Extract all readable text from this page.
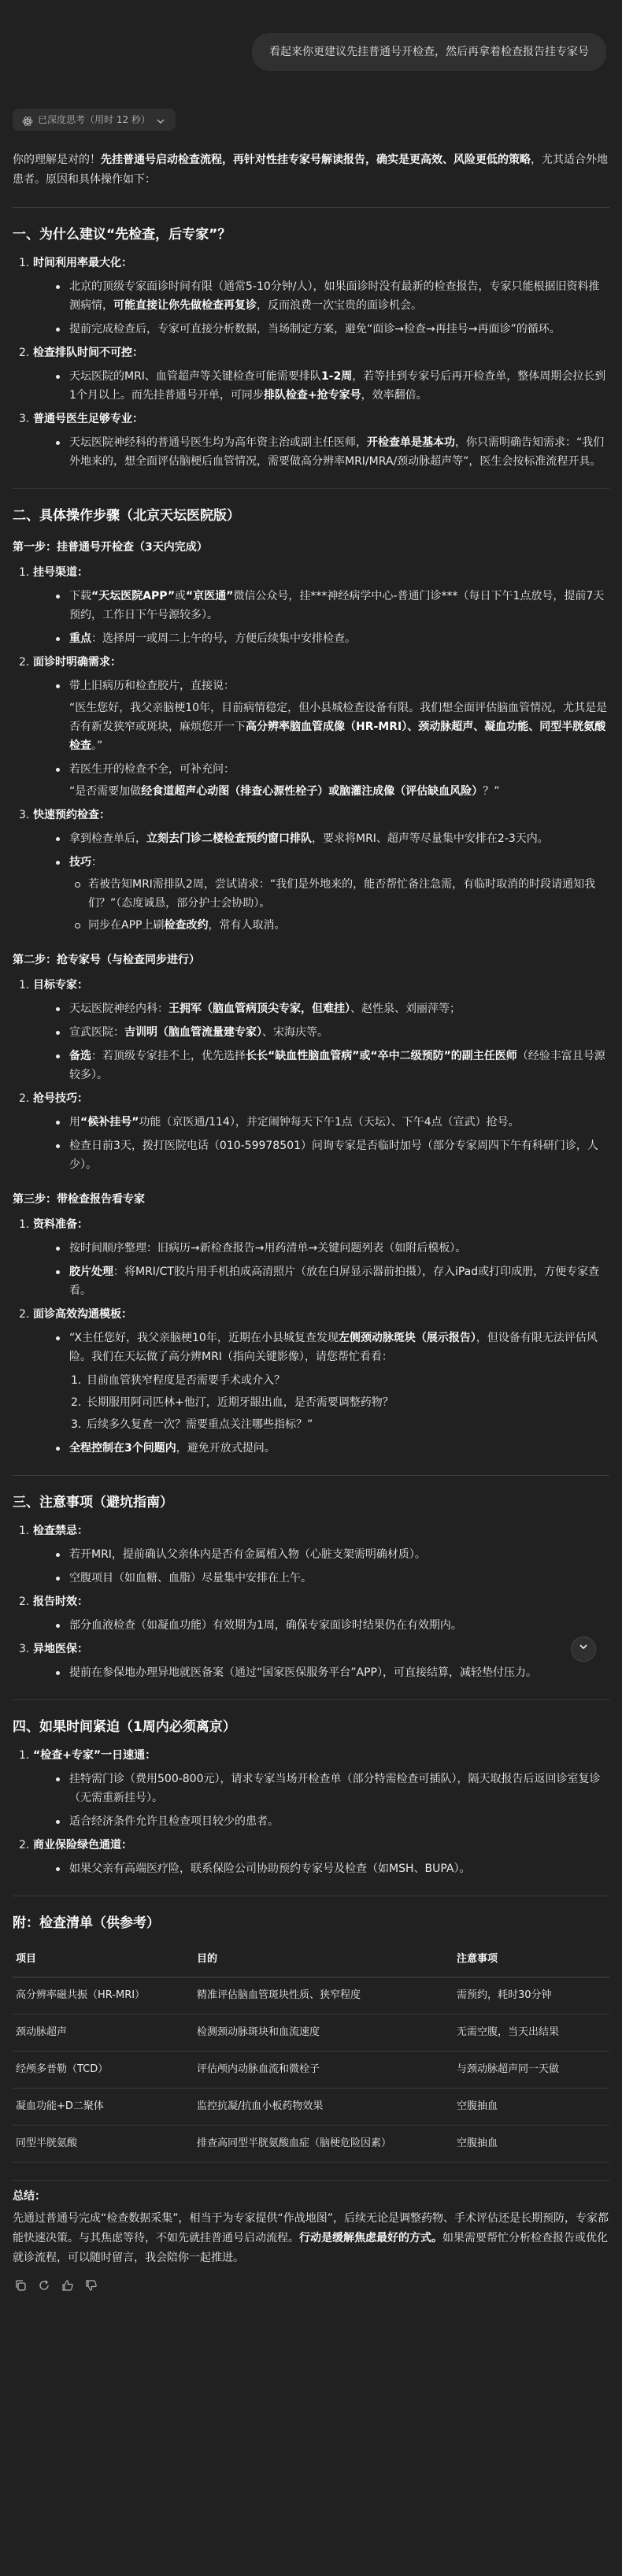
看起来你更建议先挂普通号开检查，然后再拿着检查报告挂专家号
已深度思考（用时 12 秒）

你的理解是对的！先挂普通号启动检查流程，再针对性挂专家号解读报告，确实是更高效、风险更低的策略，尤其适合外地患者。原因和具体操作如下：

一、为什么建议“先检查，后专家”？
1. 时间利用率最大化：
北京的顶级专家面诊时间有限（通常5-10分钟/人），如果面诊时没有最新的检查报告，专家只能根据旧资料推测病情，可能直接让你先做检查再复诊，反而浪费一次宝贵的面诊机会。
提前完成检查后，专家可直接分析数据，当场制定方案，避免“面诊→检查→再挂号→再面诊”的循环。
2. 检查排队时间不可控：
天坛医院的MRI、血管超声等关键检查可能需要排队1-2周，若等挂到专家号后再开检查单，整体周期会拉长到1个月以上。而先挂普通号开单，可同步排队检查+抢专家号，效率翻倍。
3. 普通号医生足够专业：
天坛医院神经科的普通号医生均为高年资主治或副主任医师，开检查单是基本功，你只需明确告知需求：“我们外地来的，想全面评估脑梗后血管情况，需要做高分辨率MRI/MRA/颈动脉超声等”，医生会按标准流程开具。
二、具体操作步骤（北京天坛医院版）
第一步：挂普通号开检查（3天内完成）
1. 挂号渠道：
下载“天坛医院APP”或“京医通”微信公众号，挂***神经病学中心-普通门诊***（每日下午1点放号，提前7天预约，工作日下午号源较多）。
重点：选择周一或周二上午的号，方便后续集中安排检查。
2. 面诊时明确需求：
带上旧病历和检查胶片，直接说：

“医生您好，我父亲脑梗10年，目前病情稳定，但小县城检查设备有限。我们想全面评估脑血管情况，尤其是是否有新发狭窄或斑块，麻烦您开一下高分辨率脑血管成像（HR-MRI）、颈动脉超声、凝血功能、同型半胱氨酸检查。”

若医生开的检查不全，可补充问：

“是否需要加做经食道超声心动图（排查心源性栓子）或脑灌注成像（评估缺血风险）？”

3. 快速预约检查：
拿到检查单后，立刻去门诊二楼检查预约窗口排队，要求将MRI、超声等尽量集中安排在2-3天内。
技巧：
若被告知MRI需排队2周，尝试请求：“我们是外地来的，能否帮忙备注急需，有临时取消的时段请通知我们？”（态度诚恳，部分护士会协助）。
同步在APP上刷检查改约，常有人取消。
第二步：抢专家号（与检查同步进行）
1. 目标专家：
天坛医院神经内科：王拥军（脑血管病顶尖专家，但难挂）、赵性泉、刘丽萍等；
宣武医院：吉训明（脑血管流量建专家）、宋海庆等。
备选：若顶级专家挂不上，优先选择长长“缺血性脑血管病”或“卒中二级预防”的副主任医师（经验丰富且号源较多）。
2. 抢号技巧：
用“候补挂号”功能（京医通/114），并定闹钟每天下午1点（天坛）、下午4点（宣武）抢号。
检查日前3天，拨打医院电话（010-59978501）问询专家是否临时加号（部分专家周四下午有科研门诊，人少）。
第三步：带检查报告看专家
1. 资料准备：
按时间顺序整理：旧病历→新检查报告→用药清单→关键问题列表（如附后模板）。
胶片处理：将MRI/CT胶片用手机拍成高清照片（放在白屏显示器前拍摄），存入iPad或打印成册，方便专家查看。
2. 面诊高效沟通模板：
“X主任您好，我父亲脑梗10年，近期在小县城复查发现左侧颈动脉斑块（展示报告），但设备有限无法评估风险。我们在天坛做了高分辨MRI（指向关键影像），请您帮忙看看：
1. 目前血管狭窄程度是否需要手术或介入？
2. 长期服用阿司匹林+他汀，近期牙龈出血，是否需要调整药物？
3. 后续多久复查一次？需要重点关注哪些指标？”
全程控制在3个问题内，避免开放式提问。
三、注意事项（避坑指南）
1. 检查禁忌：
若开MRI，提前确认父亲体内是否有金属植入物（心脏支架需明确材质）。
空腹项目（如血糖、血脂）尽量集中安排在上午。
2. 报告时效：
部分血液检查（如凝血功能）有效期为1周，确保专家面诊时结果仍在有效期内。
3. 异地医保：
提前在参保地办理异地就医备案（通过“国家医保服务平台”APP），可直接结算，减轻垫付压力。
四、如果时间紧迫（1周内必须离京）
1. “检查+专家”一日速通：
挂特需门诊（费用500-800元），请求专家当场开检查单（部分特需检查可插队），隔天取报告后返回诊室复诊（无需重新挂号）。
适合经济条件允许且检查项目较少的患者。
2. 商业保险绿色通道：
如果父亲有高端医疗险，联系保险公司协助预约专家号及检查（如MSH、BUPA）。
附：检查清单（供参考）
项目	目的	注意事项
高分辨率磁共振（HR-MRI）	精准评估脑血管斑块性质、狭窄程度	需预约，耗时30分钟
颈动脉超声	检测颈动脉斑块和血流速度	无需空腹，当天出结果
经颅多普勒（TCD）	评估颅内动脉血流和微栓子	与颈动脉超声同一天做
凝血功能+D二聚体	监控抗凝/抗血小板药物效果	空腹抽血
同型半胱氨酸	排查高同型半胱氨酸血症（脑梗危险因素）	空腹抽血

总结：

先通过普通号完成“检查数据采集”，相当于为专家提供“作战地图”，后续无论是调整药物、手术评估还是长期预防，专家都能快速决策。与其焦虑等待，不如先就挂普通号启动流程。行动是缓解焦虑最好的方式。如果需要帮忙分析检查报告或优化就诊流程，可以随时留言，我会陪你一起推进。
